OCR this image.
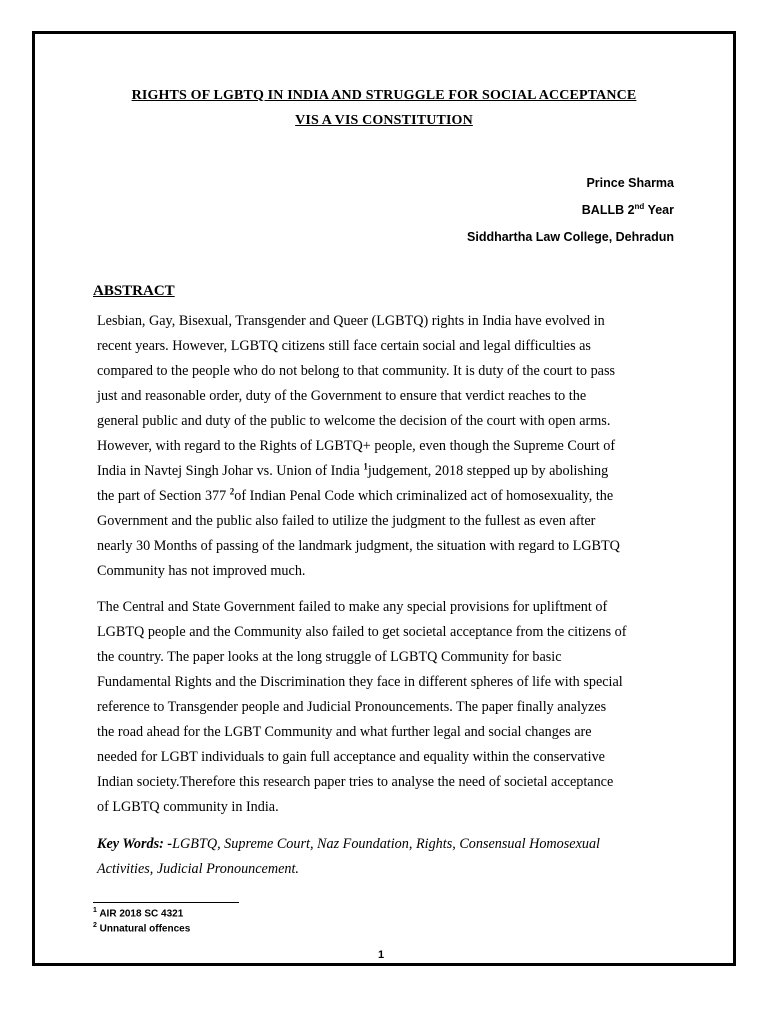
RIGHTS OF LGBTQ IN INDIA AND STRUGGLE FOR SOCIAL ACCEPTANCE
VIS A VIS CONSTITUTION
Prince Sharma
BALLB 2nd Year
Siddhartha Law College, Dehradun
ABSTRACT
Lesbian, Gay, Bisexual, Transgender and Queer (LGBTQ) rights in India have evolved in
recent years. However, LGBTQ citizens still face certain social and legal difficulties as
compared to the people who do not belong to that community. It is duty of the court to pass
just and reasonable order, duty of the Government to ensure that verdict reaches to the
general public and duty of the public to welcome the decision of the court with open arms.
However, with regard to the Rights of LGBTQ+ people, even though the Supreme Court of
India in Navtej Singh Johar vs. Union of India $^1$judgement, 2018 stepped up by abolishing
the part of Section 377 $^2$of Indian Penal Code which criminalized act of homosexuality, the
Government and the public also failed to utilize the judgment to the fullest as even after
nearly 30 Months of passing of the landmark judgment, the situation with regard to LGBTQ
Community has not improved much.
The Central and State Government failed to make any special provisions for upliftment of
LGBTQ people and the Community also failed to get societal acceptance from the citizens of
the country. The paper looks at the long struggle of LGBTQ Community for basic
Fundamental Rights and the Discrimination they face in different spheres of life with special
reference to Transgender people and Judicial Pronouncements. The paper finally analyzes
the road ahead for the LGBT Community and what further legal and social changes are
needed for LGBT individuals to gain full acceptance and equality within the conservative
Indian society.Therefore this research paper tries to analyse the need of societal acceptance
of LGBTQ community in India.
Key Words: -LGBTQ, Supreme Court, Naz Foundation, Rights, Consensual Homosexual
Activities, Judicial Pronouncement.
$^1$ AIR 2018 SC 4321
$^2$ Unnatural offences
1
